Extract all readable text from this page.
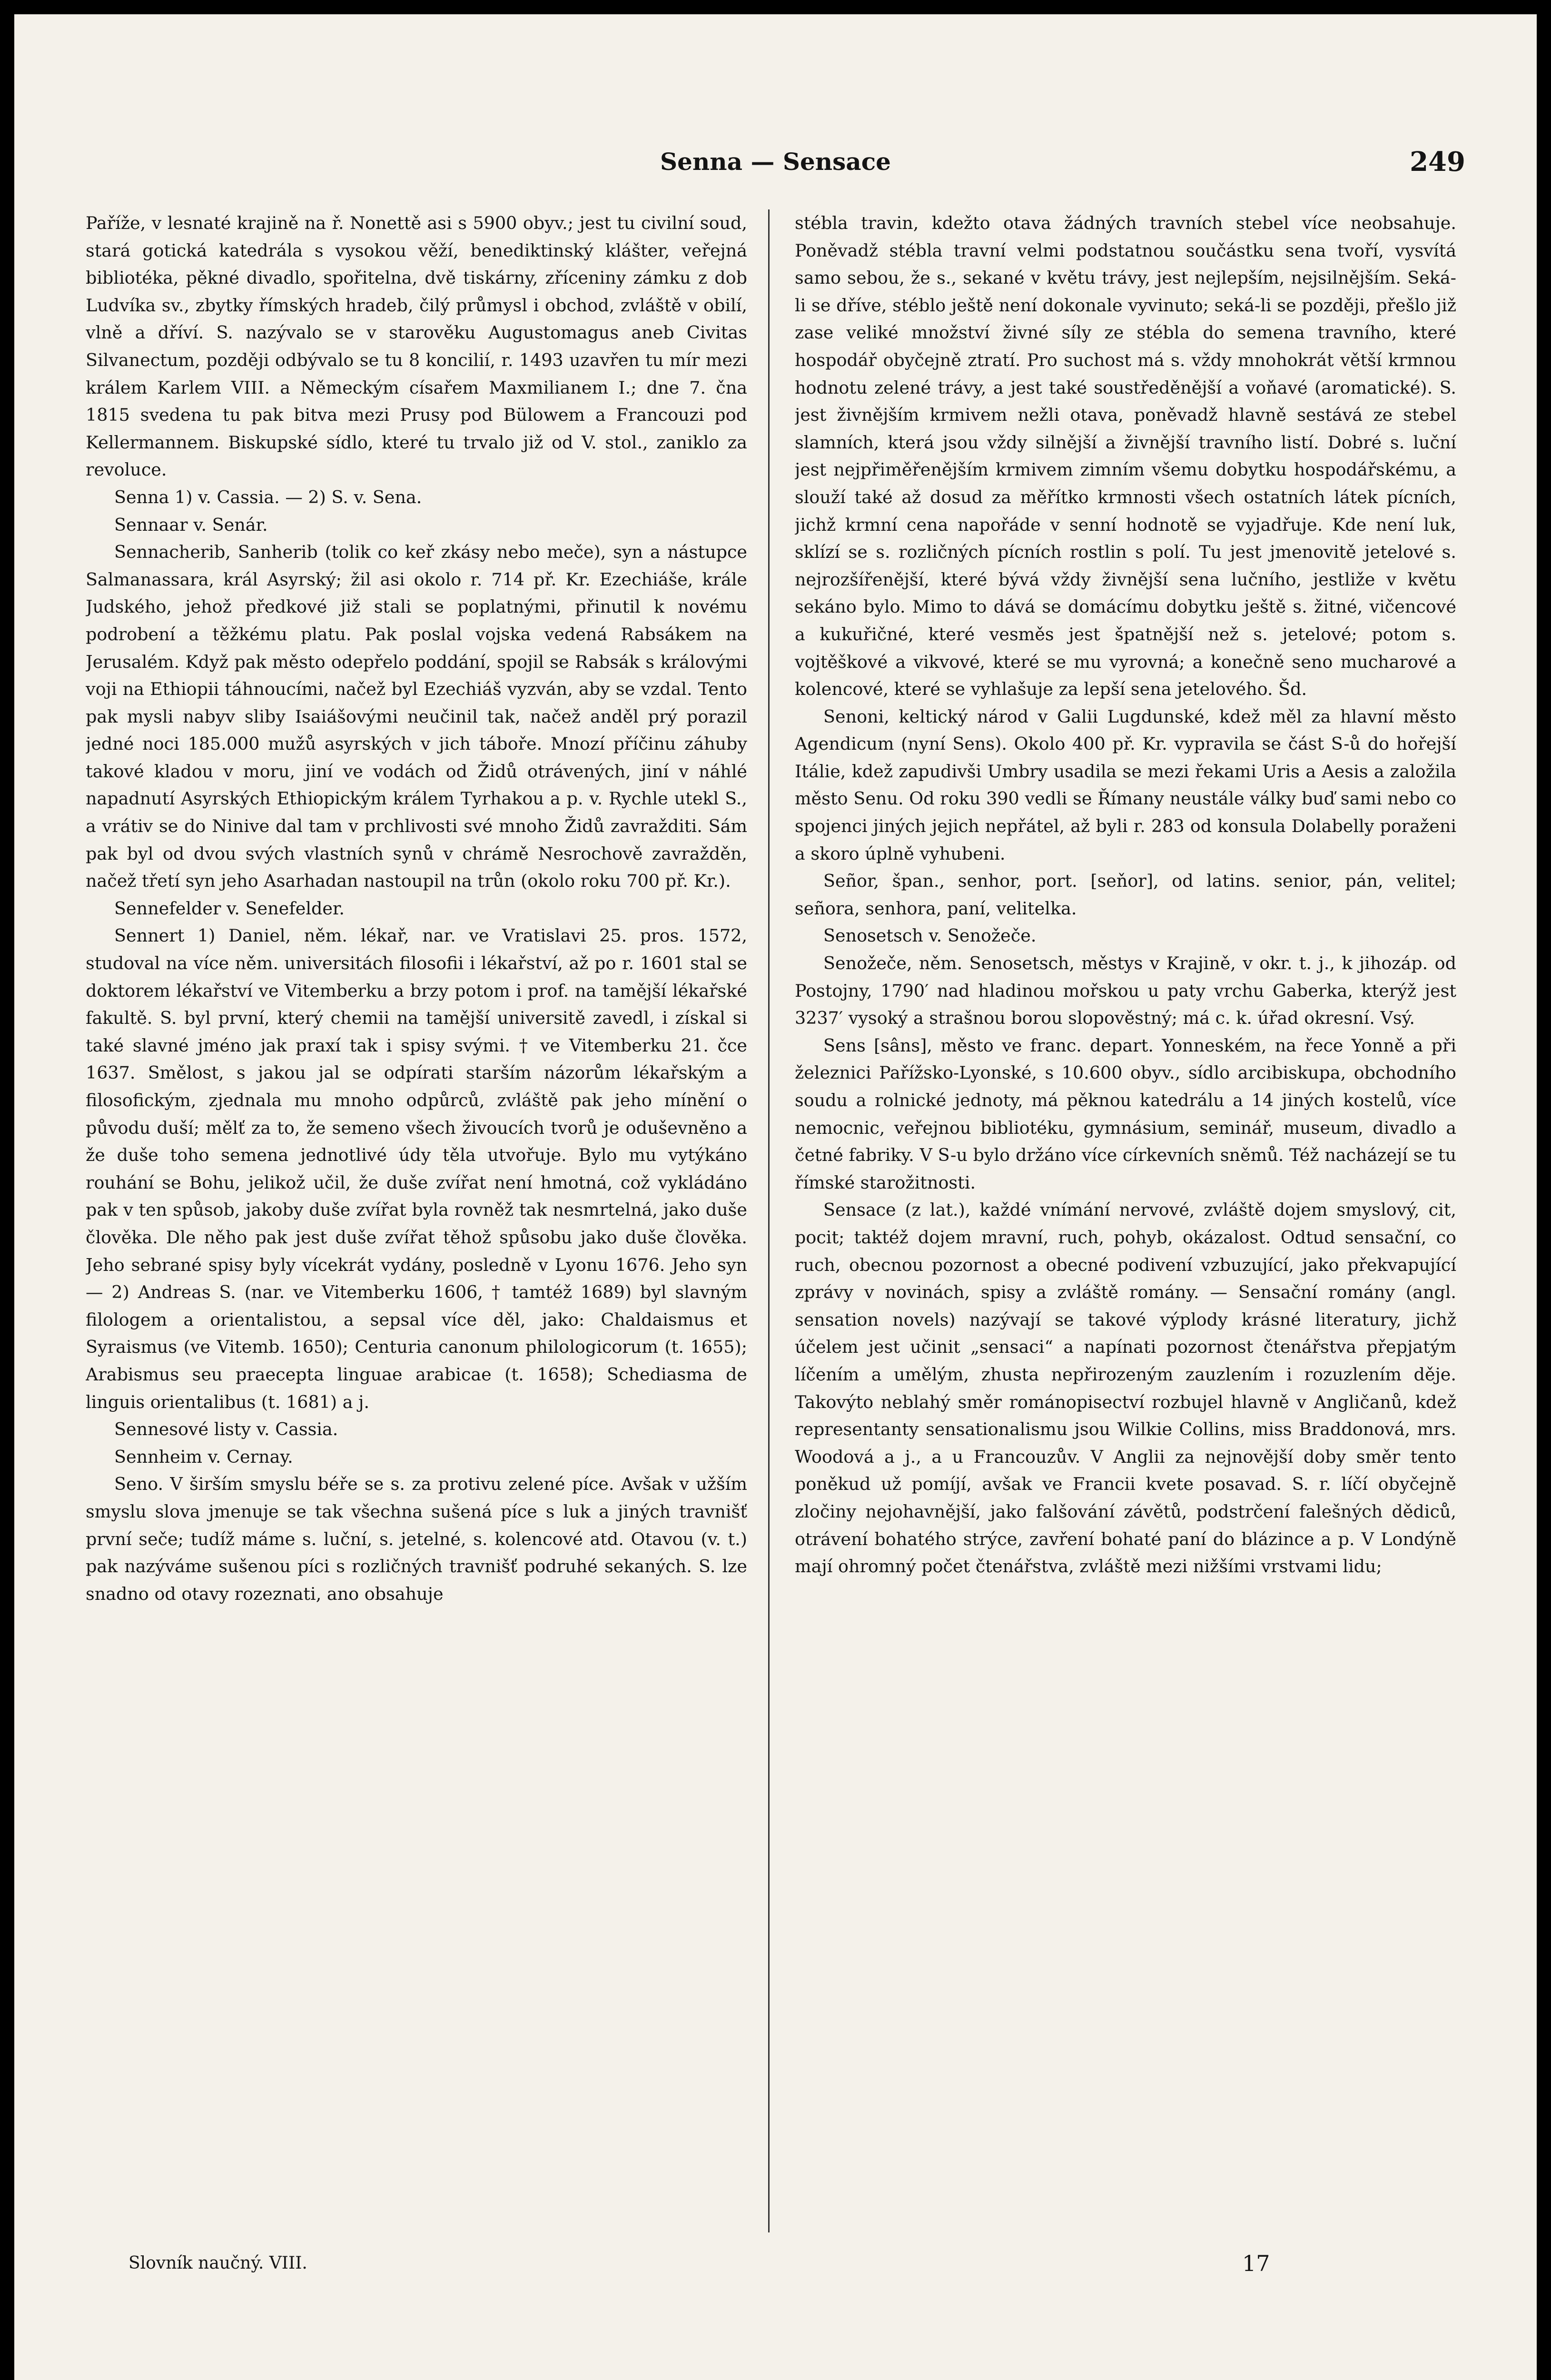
Senna — Sensace	249

Paříže, v lesnaté krajině na ř. Nonettě asi s 5900 obyv.; jest tu civilní soud, stará gotická katedrála s vysokou věží, benediktinský klášter, veřejná bibliotéka, pěkné divadlo, spořitelna, dvě tiskárny, zříceniny zámku z dob Ludvíka sv., zbytky římských hradeb, čilý průmysl i obchod, zvláště v obilí, vlně a dříví. S. nazývalo se v starověku Augustomagus aneb Civitas Silvanectum, později odbývalo se tu 8 koncilií, r. 1493 uzavřen tu mír mezi králem Karlem VIII. a Německým císařem Maxmilianem I.; dne 7. čna 1815 svedena tu pak bitva mezi Prusy pod Bülowem a Francouzi pod Kellermannem. Biskupské sídlo, které tu trvalo již od V. stol., zaniklo za revoluce.

Senna 1) v. Cassia. — 2) S. v. Sena.

Sennaar v. Senár.

Sennacherib, Sanherib (tolik co keř zkásy nebo meče), syn a nástupce Salmanassara, král Asyrský; žil asi okolo r. 714 př. Kr. Ezechiáše, krále Judského, jehož předkové již stali se poplatnými, přinutil k novému podrobení a těžkému platu. Pak poslal vojska vedená Rabsákem na Jerusalém. Když pak město odepřelo poddání, spojil se Rabsák s královými voji na Ethiopii táhnoucími, načež byl Ezechiáš vyzván, aby se vzdal. Tento pak mysli nabyv sliby Isaiášovými neučinil tak, načež anděl prý porazil jedné noci 185.000 mužů asyrských v jich táboře. Mnozí příčinu záhuby takové kladou v moru, jiní ve vodách od Židů otrávených, jiní v náhlé napadnutí Asyrských Ethiopickým králem Tyrhakou a p. v. Rychle utekl S., a vrátiv se do Ninive dal tam v prchlivosti své mnoho Židů zavražditi. Sám pak byl od dvou svých vlastních synů v chrámě Nesrochově zavražděn, načež třetí syn jeho Asarhadan nastoupil na trůn (okolo roku 700 př. Kr.).

Sennefelder v. Senefelder.

Sennert 1) Daniel, něm. lékař, nar. ve Vratislavi 25. pros. 1572, studoval na více něm. universitách filosofii i lékařství, až po r. 1601 stal se doktorem lékařství ve Vitemberku a brzy potom i prof. na tamější lékařské fakultě. S. byl první, který chemii na tamější universitě zavedl, i získal si také slavné jméno jak praxí tak i spisy svými. † ve Vitemberku 21. čce 1637. Smělost, s jakou jal se odpírati starším názorům lékařským a filosofickým, zjednala mu mnoho odpůrců, zvláště pak jeho mínění o původu duší; mělť za to, že semeno všech živoucích tvorů je oduševněno a že duše toho semena jednotlivé údy těla utvořuje. Bylo mu vytýkáno rouhání se Bohu, jelikož učil, že duše zvířat není hmotná, což vykládáno pak v ten spůsob, jakoby duše zvířat byla rovněž tak nesmrtelná, jako duše člověka. Dle něho pak jest duše zvířat těhož spůsobu jako duše člověka. Jeho sebrané spisy byly vícekrát vydány, posledně v Lyonu 1676. Jeho syn — 2) Andreas S. (nar. ve Vitemberku 1606, † tamtéž 1689) byl slavným filologem a orientalistou, a sepsal více děl, jako: Chaldaismus et Syraismus (ve Vitemb. 1650); Centuria canonum philologicorum (t. 1655); Arabismus seu praecepta linguae arabicae (t. 1658); Schediasma de linguis orientalibus (t. 1681) a j.

Sennesové listy v. Cassia.

Sennheim v. Cernay.

Seno. V širším smyslu béře se s. za protivu zelené píce. Avšak v užším smyslu slova jmenuje se tak všechna sušená píce s luk a jiných travnišť první seče; tudíž máme s. luční, s. jetelné, s. kolencové atd. Otavou (v. t.) pak nazýváme sušenou píci s rozličných travnišť podruhé sekaných. S. lze snadno od otavy rozeznati, ano obsahuje

stébla travin, kdežto otava žádných travních stebel více neobsahuje. Poněvadž stébla travní velmi podstatnou součástku sena tvoří, vysvítá samo sebou, že s., sekané v květu trávy, jest nejlepším, nejsilnějším. Seká-li se dříve, stéblo ještě není dokonale vyvinuto; seká-li se později, přešlo již zase veliké množství živné síly ze stébla do semena travního, které hospodář obyčejně ztratí. Pro suchost má s. vždy mnohokrát větší krmnou hodnotu zelené trávy, a jest také soustředěnější a voňavé (aromatické). S. jest živnějším krmivem nežli otava, poněvadž hlavně sestává ze stebel slamních, která jsou vždy silnější a živnější travního listí. Dobré s. luční jest nejpřiměřenějším krmivem zimním všemu dobytku hospodářskému, a slouží také až dosud za měřítko krmnosti všech ostatních látek pícních, jichž krmní cena napořáde v senní hodnotě se vyjadřuje. Kde není luk, sklízí se s. rozličných pícních rostlin s polí. Tu jest jmenovitě jetelové s. nejrozšířenější, které bývá vždy živnější sena lučního, jestliže v květu sekáno bylo. Mimo to dává se domácímu dobytku ještě s. žitné, vičencové a kukuřičné, které vesměs jest špatnější než s. jetelové; potom s. vojtěškové a vikvové, které se mu vyrovná; a konečně seno mucharové a kolencové, které se vyhlašuje za lepší sena jetelového. Šd.

Senoni, keltický národ v Galii Lugdunské, kdež měl za hlavní město Agendicum (nyní Sens). Okolo 400 př. Kr. vypravila se část S-ů do hořejší Itálie, kdež zapudivši Umbry usadila se mezi řekami Uris a Aesis a založila město Senu. Od roku 390 vedli se Římany neustále války buď sami nebo co spojenci jiných jejich nepřátel, až byli r. 283 od konsula Dolabelly poraženi a skoro úplně vyhubeni.

Señor, špan., senhor, port. [seňor], od latins. senior, pán, velitel; señora, senhora, paní, velitelka.

Senosetsch v. Senožeče.

Senožeče, něm. Senosetsch, městys v Krajině, v okr. t. j., k jihozáp. od Postojny, 1790′ nad hladinou mořskou u paty vrchu Gaberka, kterýž jest 3237′ vysoký a strašnou borou slopověstný; má c. k. úřad okresní. Vsý.

Sens [sâns], město ve franc. depart. Yonneském, na řece Yonně a při železnici Pařížsko-Lyonské, s 10.600 obyv., sídlo arcibiskupa, obchodního soudu a rolnické jednoty, má pěknou katedrálu a 14 jiných kostelů, více nemocnic, veřejnou bibliotéku, gymnásium, seminář, museum, divadlo a četné fabriky. V S-u bylo držáno více církevních sněmů. Též nacházejí se tu římské starožitnosti.

Sensace (z lat.), každé vnímání nervové, zvláště dojem smyslový, cit, pocit; taktéž dojem mravní, ruch, pohyb, okázalost. Odtud sensační, co ruch, obecnou pozornost a obecné podivení vzbuzující, jako překvapující zprávy v novinách, spisy a zvláště romány. — Sensační romány (angl. sensation novels) nazývají se takové výplody krásné literatury, jichž účelem jest učinit „sensaci“ a napínati pozornost čtenářstva přepjatým líčením a umělým, zhusta nepřirozeným zauzlením i rozuzlením děje. Takovýto neblahý směr románopisectví rozbujel hlavně v Angličanů, kdež representanty sensationalismu jsou Wilkie Collins, miss Braddonová, mrs. Woodová a j., a u Francouzův. V Anglii za nejnovější doby směr tento poněkud už pomíjí, avšak ve Francii kvete posavad. S. r. líčí obyčejně zločiny nejohavnější, jako falšování závětů, podstrčení falešných dědiců, otrávení bohatého strýce, zavření bohaté paní do blázince a p. V Londýně mají ohromný počet čtenářstva, zvláště mezi nižšími vrstvami lidu;

Slovník naučný. VIII.	17
